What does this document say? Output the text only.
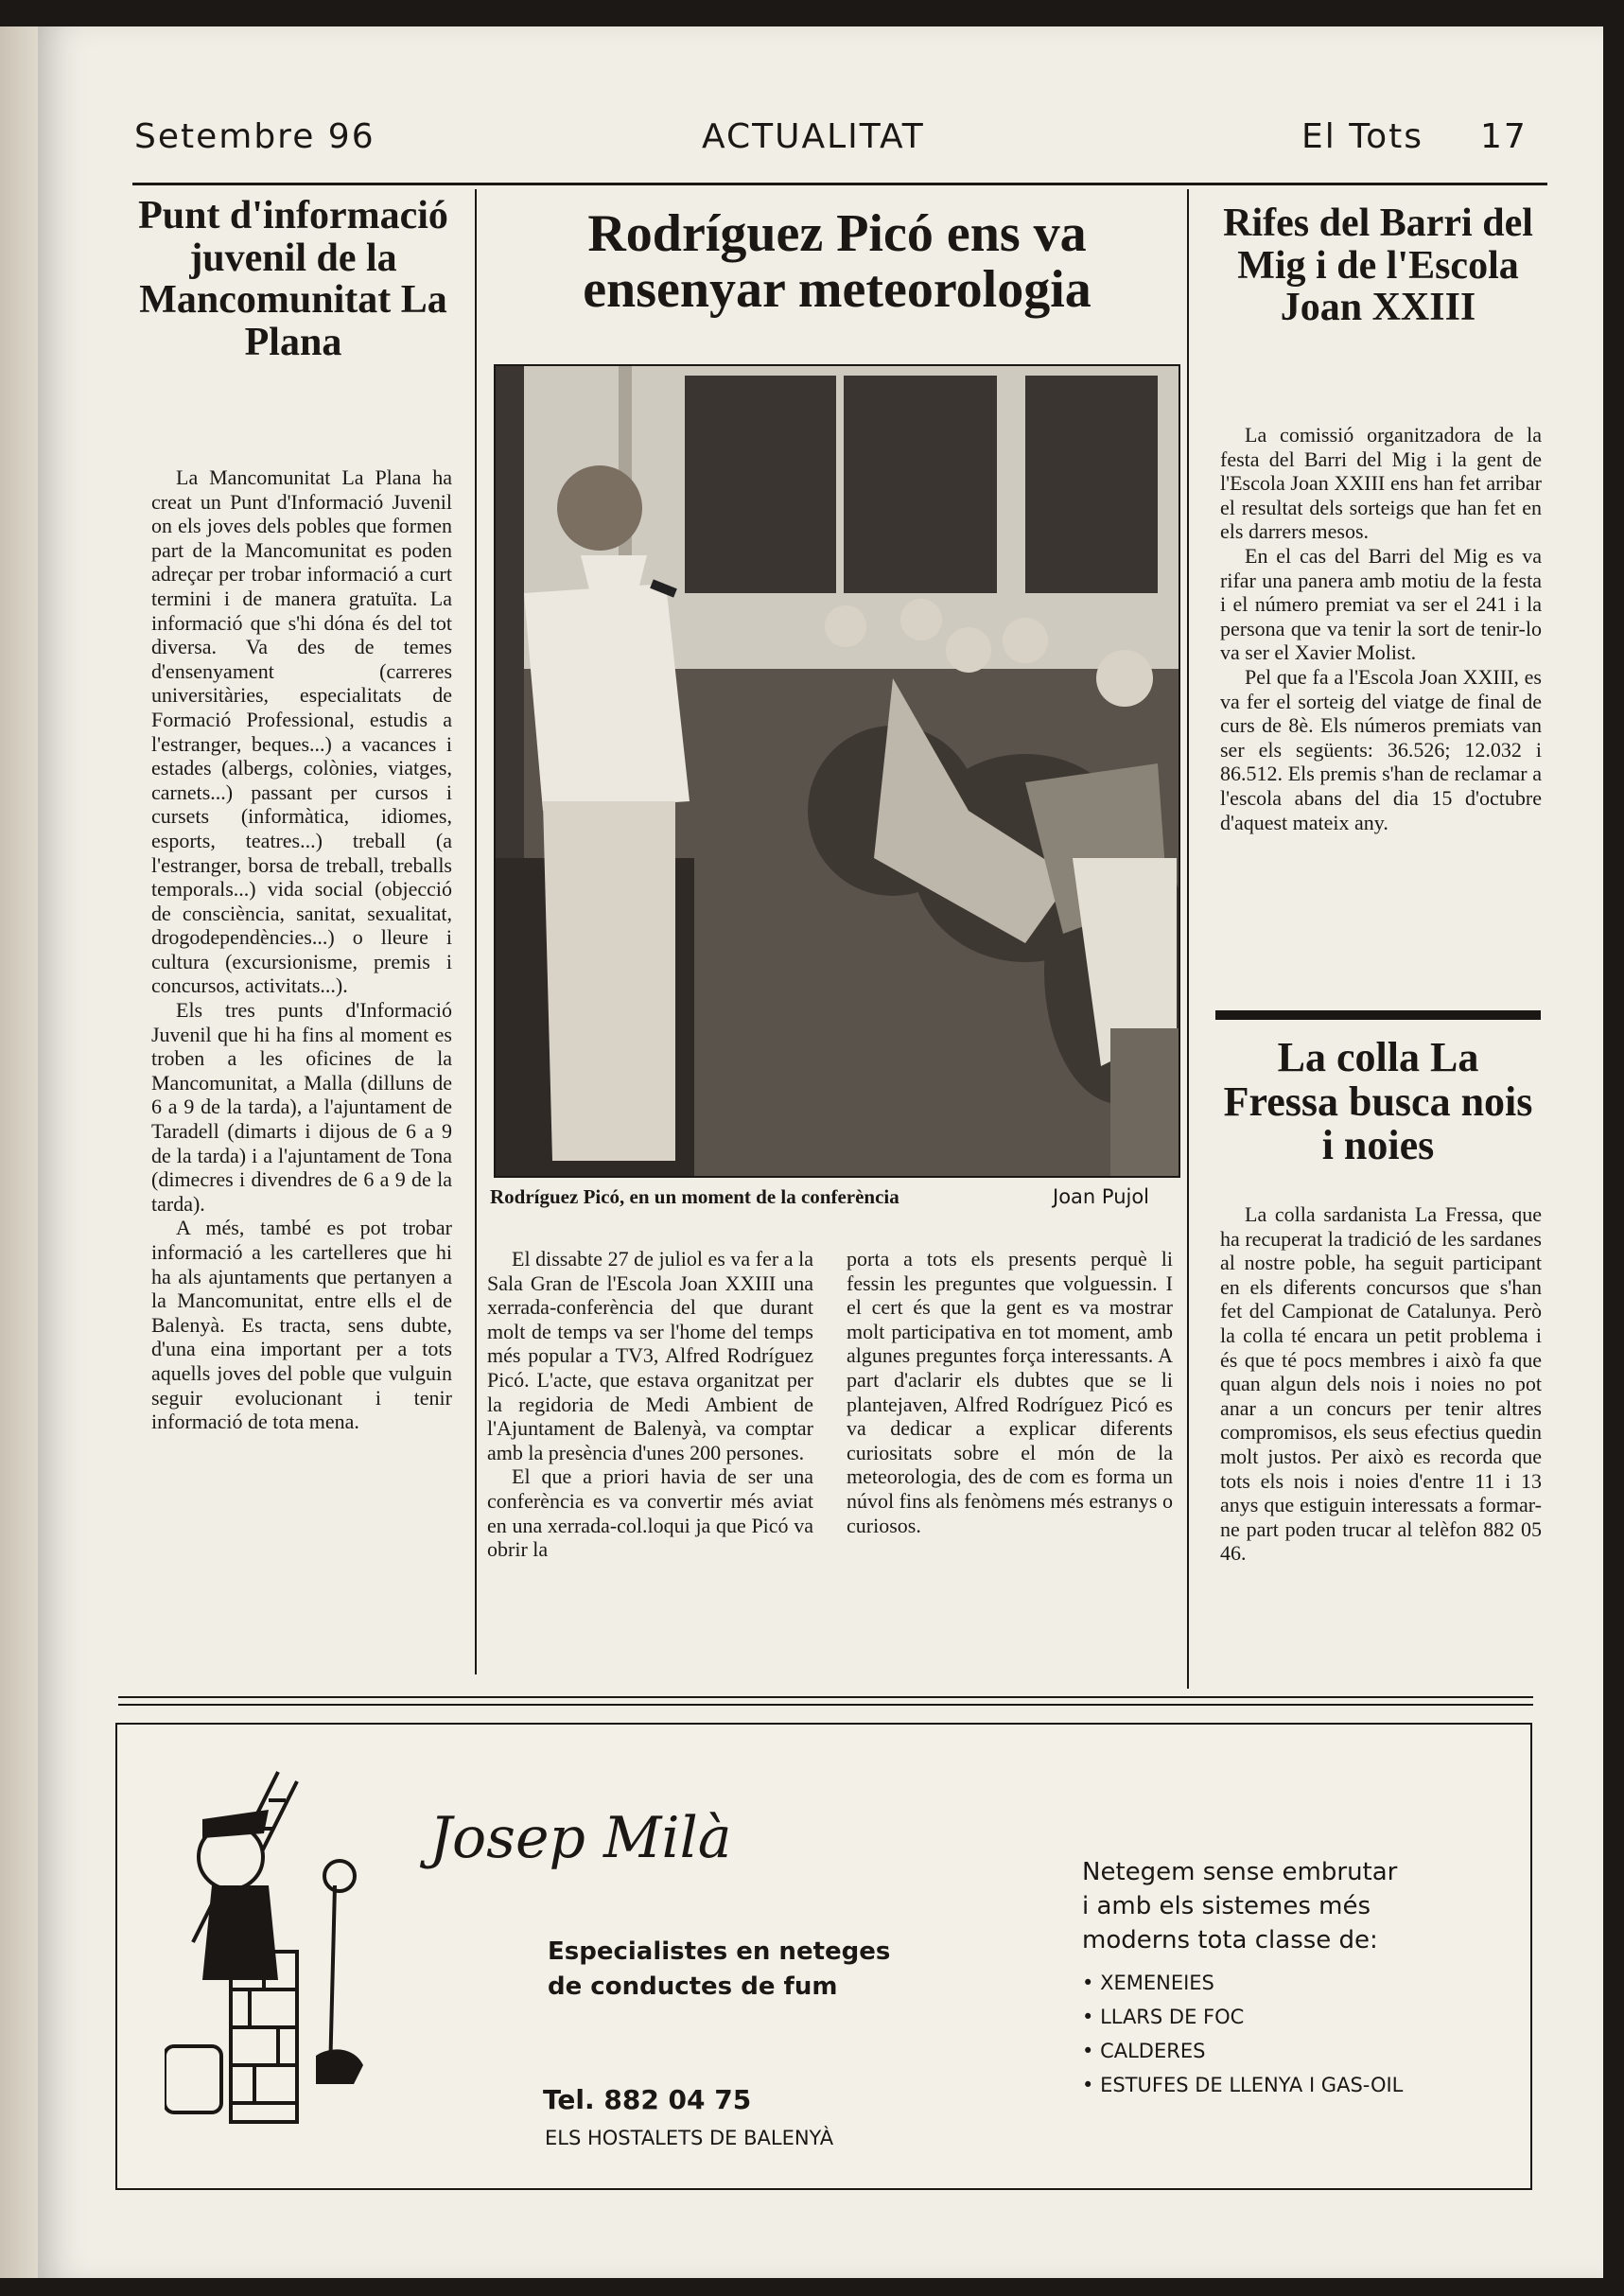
Setembre 96	ACTUALITAT	El Tots 17
Punt d'informació juvenil de la Mancomunitat La Plana

La Mancomunitat La Plana ha creat un Punt d'Informació Juvenil on els joves dels pobles que formen part de la Mancomunitat es poden adreçar per trobar informació a curt termini i de manera gratuïta. La informació que s'hi dóna és del tot diversa. Va des de temes d'ensenyament (carreres universitàries, especialitats de Formació Professional, estudis a l'estranger, beques...) a vacances i estades (albergs, colònies, viatges, carnets...) passant per cursos i cursets (informàtica, idiomes, esports, teatres...) treball (a l'estranger, borsa de treball, treballs temporals...) vida social (objecció de consciència, sanitat, sexualitat, drogodependències...) o lleure i cultura (excursionisme, premis i concursos, activitats...).

Els tres punts d'Informació Juvenil que hi ha fins al moment es troben a les oficines de la Mancomunitat, a Malla (dilluns de 6 a 9 de la tarda), a l'ajuntament de Taradell (dimarts i dijous de 6 a 9 de la tarda) i a l'ajuntament de Tona (dimecres i divendres de 6 a 9 de la tarda).

A més, també es pot trobar informació a les cartelleres que hi ha als ajuntaments que pertanyen a la Mancomunitat, entre ells el de Balenyà. Es tracta, sens dubte, d'una eina important per a tots aquells joves del poble que vulguin seguir evolucionant i tenir informació de tota mena.

Rodríguez Picó ens va ensenyar meteorologia
Rodríguez Picó, en un moment de la conferència	Joan Pujol

El dissabte 27 de juliol es va fer a la Sala Gran de l'Escola Joan XXIII una xerrada-conferència del que durant molt de temps va ser l'home del temps més popular a TV3, Alfred Rodríguez Picó. L'acte, que estava organitzat per la regidoria de Medi Ambient de l'Ajuntament de Balenyà, va comptar amb la presència d'unes 200 persones.

El que a priori havia de ser una conferència es va convertir més aviat en una xerrada-col.loqui ja que Picó va obrir la

porta a tots els presents perquè li fessin les preguntes que volguessin. I el cert és que la gent es va mostrar molt participativa en tot moment, amb algunes preguntes força interessants. A part d'aclarir els dubtes que se li plantejaven, Alfred Rodríguez Picó es va dedicar a explicar diferents curiositats sobre el món de la meteorologia, des de com es forma un núvol fins als fenòmens més estranys o curiosos.

Rifes del Barri del Mig i de l'Escola Joan XXIII

La comissió organitzadora de la festa del Barri del Mig i la gent de l'Escola Joan XXIII ens han fet arribar el resultat dels sorteigs que han fet en els darrers mesos.

En el cas del Barri del Mig es va rifar una panera amb motiu de la festa i el número premiat va ser el 241 i la persona que va tenir la sort de tenir-lo va ser el Xavier Molist.

Pel que fa a l'Escola Joan XXIII, es va fer el sorteig del viatge de final de curs de 8è. Els números premiats van ser els següents: 36.526; 12.032 i 86.512. Els premis s'han de reclamar a l'escola abans del dia 15 d'octubre d'aquest mateix any.

La colla La Fressa busca nois i noies

La colla sardanista La Fressa, que ha recuperat la tradició de les sardanes al nostre poble, ha seguit participant en els diferents concursos que s'han fet del Campionat de Catalunya. Però la colla té encara un petit problema i és que té pocs membres i això fa que quan algun dels nois i noies no pot anar a un concurs per tenir altres compromisos, els seus efectius quedin molt justos. Per això es recorda que tots els nois i noies d'entre 11 i 13 anys que estiguin interessats a formar-ne part poden trucar al telèfon 882 05 46.

Josep Milà
Especialistes en neteges
de conductes de fum
Tel. 882 04 75
ELS HOSTALETS DE BALENYÀ
Netegem sense embrutar
i amb els sistemes més
moderns tota classe de:
• XEMENEIES
• LLARS DE FOC
• CALDERES
• ESTUFES DE LLENYA I GAS-OIL
